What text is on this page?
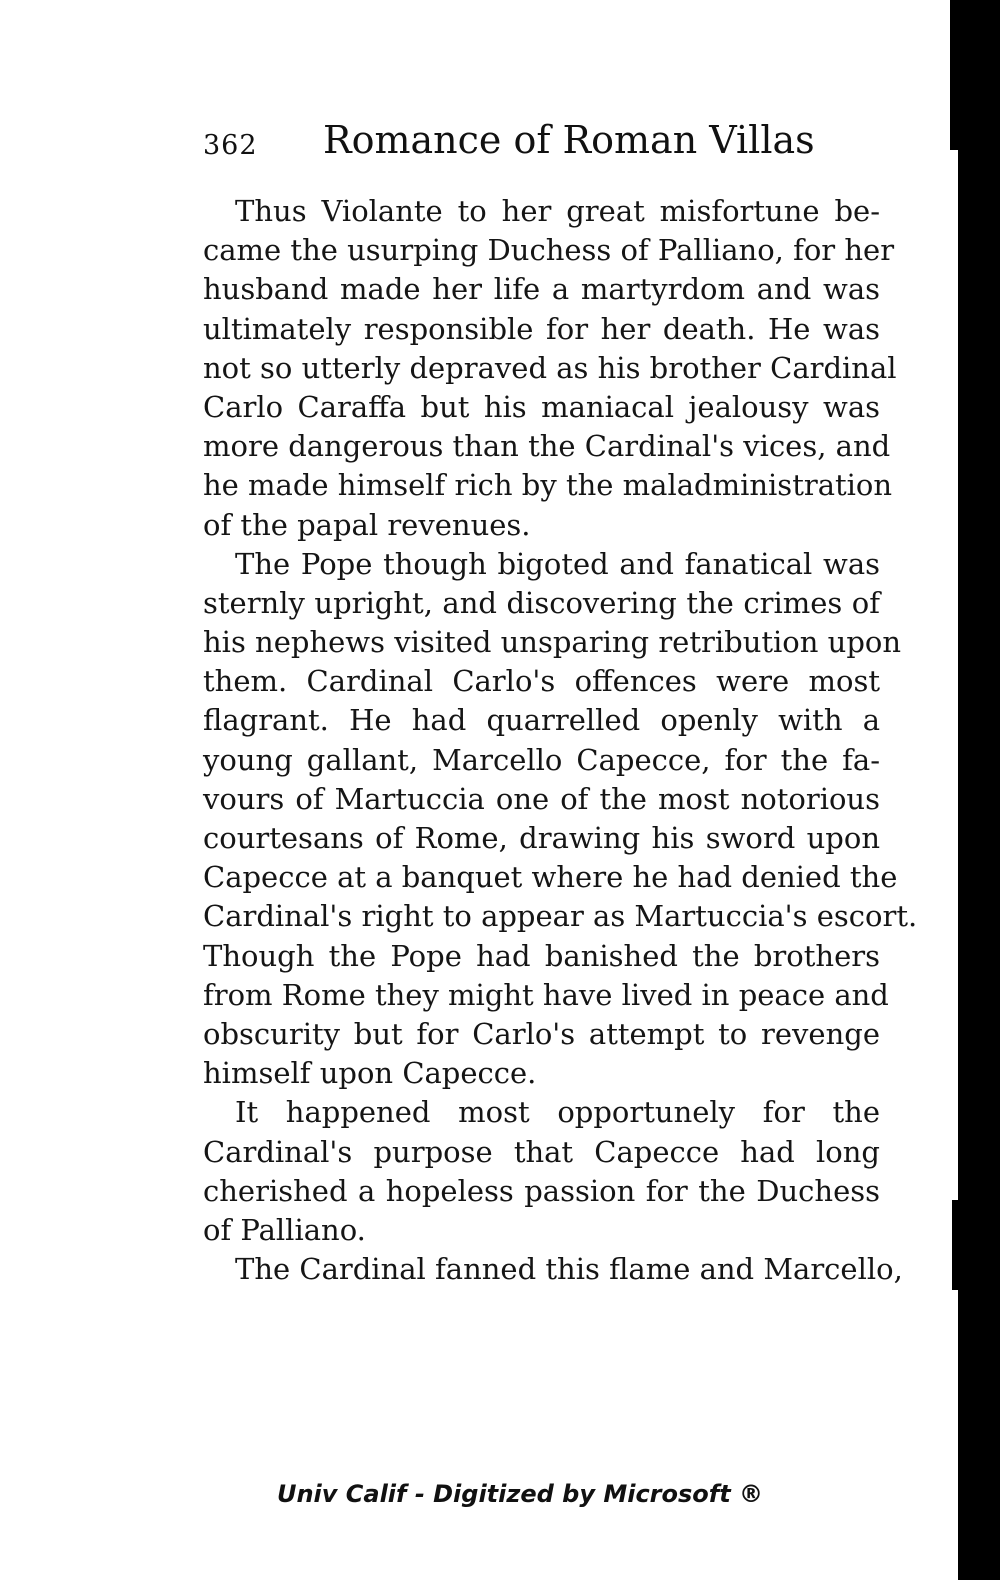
362 Romance of Roman Villas
Thus Violante to her great misfortune be-
came the usurping Duchess of Palliano, for her
husband made her life a martyrdom and was
ultimately responsible for her death. He was
not so utterly depraved as his brother Cardinal
Carlo Caraffa but his maniacal jealousy was
more dangerous than the Cardinal's vices, and
he made himself rich by the maladministration
of the papal revenues.
The Pope though bigoted and fanatical was
sternly upright, and discovering the crimes of
his nephews visited unsparing retribution upon
them. Cardinal Carlo's offences were most
flagrant. He had quarrelled openly with a
young gallant, Marcello Capecce, for the fa-
vours of Martuccia one of the most notorious
courtesans of Rome, drawing his sword upon
Capecce at a banquet where he had denied the
Cardinal's right to appear as Martuccia's escort.
Though the Pope had banished the brothers
from Rome they might have lived in peace and
obscurity but for Carlo's attempt to revenge
himself upon Capecce.
It happened most opportunely for the
Cardinal's purpose that Capecce had long
cherished a hopeless passion for the Duchess
of Palliano.
The Cardinal fanned this flame and Marcello,
Univ Calif - Digitized by Microsoft ®
